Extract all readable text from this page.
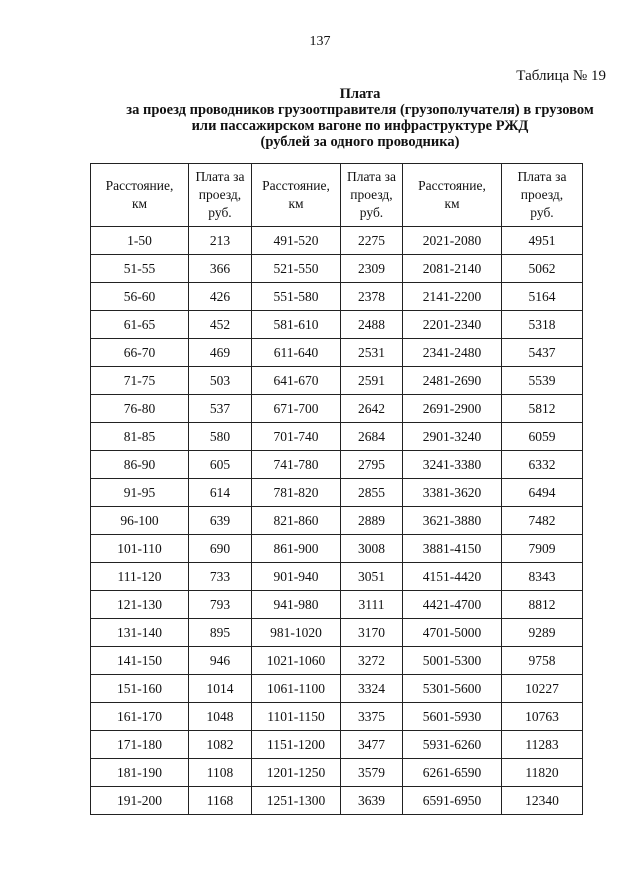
137
Таблица № 19
Плата
за проезд проводников грузоотправителя (грузополучателя) в грузовом
или пассажирском вагоне по инфраструктуре РЖД
(рублей за одного проводника)
Расстояние,
км	Плата за
проезд,
руб.	Расстояние,
км	Плата за
проезд,
руб.	Расстояние,
км	Плата за
проезд,
руб.

1-50	213	491-520	2275	2021-2080	4951
51-55	366	521-550	2309	2081-2140	5062
56-60	426	551-580	2378	2141-2200	5164
61-65	452	581-610	2488	2201-2340	5318
66-70	469	611-640	2531	2341-2480	5437
71-75	503	641-670	2591	2481-2690	5539
76-80	537	671-700	2642	2691-2900	5812
81-85	580	701-740	2684	2901-3240	6059
86-90	605	741-780	2795	3241-3380	6332
91-95	614	781-820	2855	3381-3620	6494
96-100	639	821-860	2889	3621-3880	7482
101-110	690	861-900	3008	3881-4150	7909
111-120	733	901-940	3051	4151-4420	8343
121-130	793	941-980	3111	4421-4700	8812
131-140	895	981-1020	3170	4701-5000	9289
141-150	946	1021-1060	3272	5001-5300	9758
151-160	1014	1061-1100	3324	5301-5600	10227
161-170	1048	1101-1150	3375	5601-5930	10763
171-180	1082	1151-1200	3477	5931-6260	11283
181-190	1108	1201-1250	3579	6261-6590	11820
191-200	1168	1251-1300	3639	6591-6950	12340
